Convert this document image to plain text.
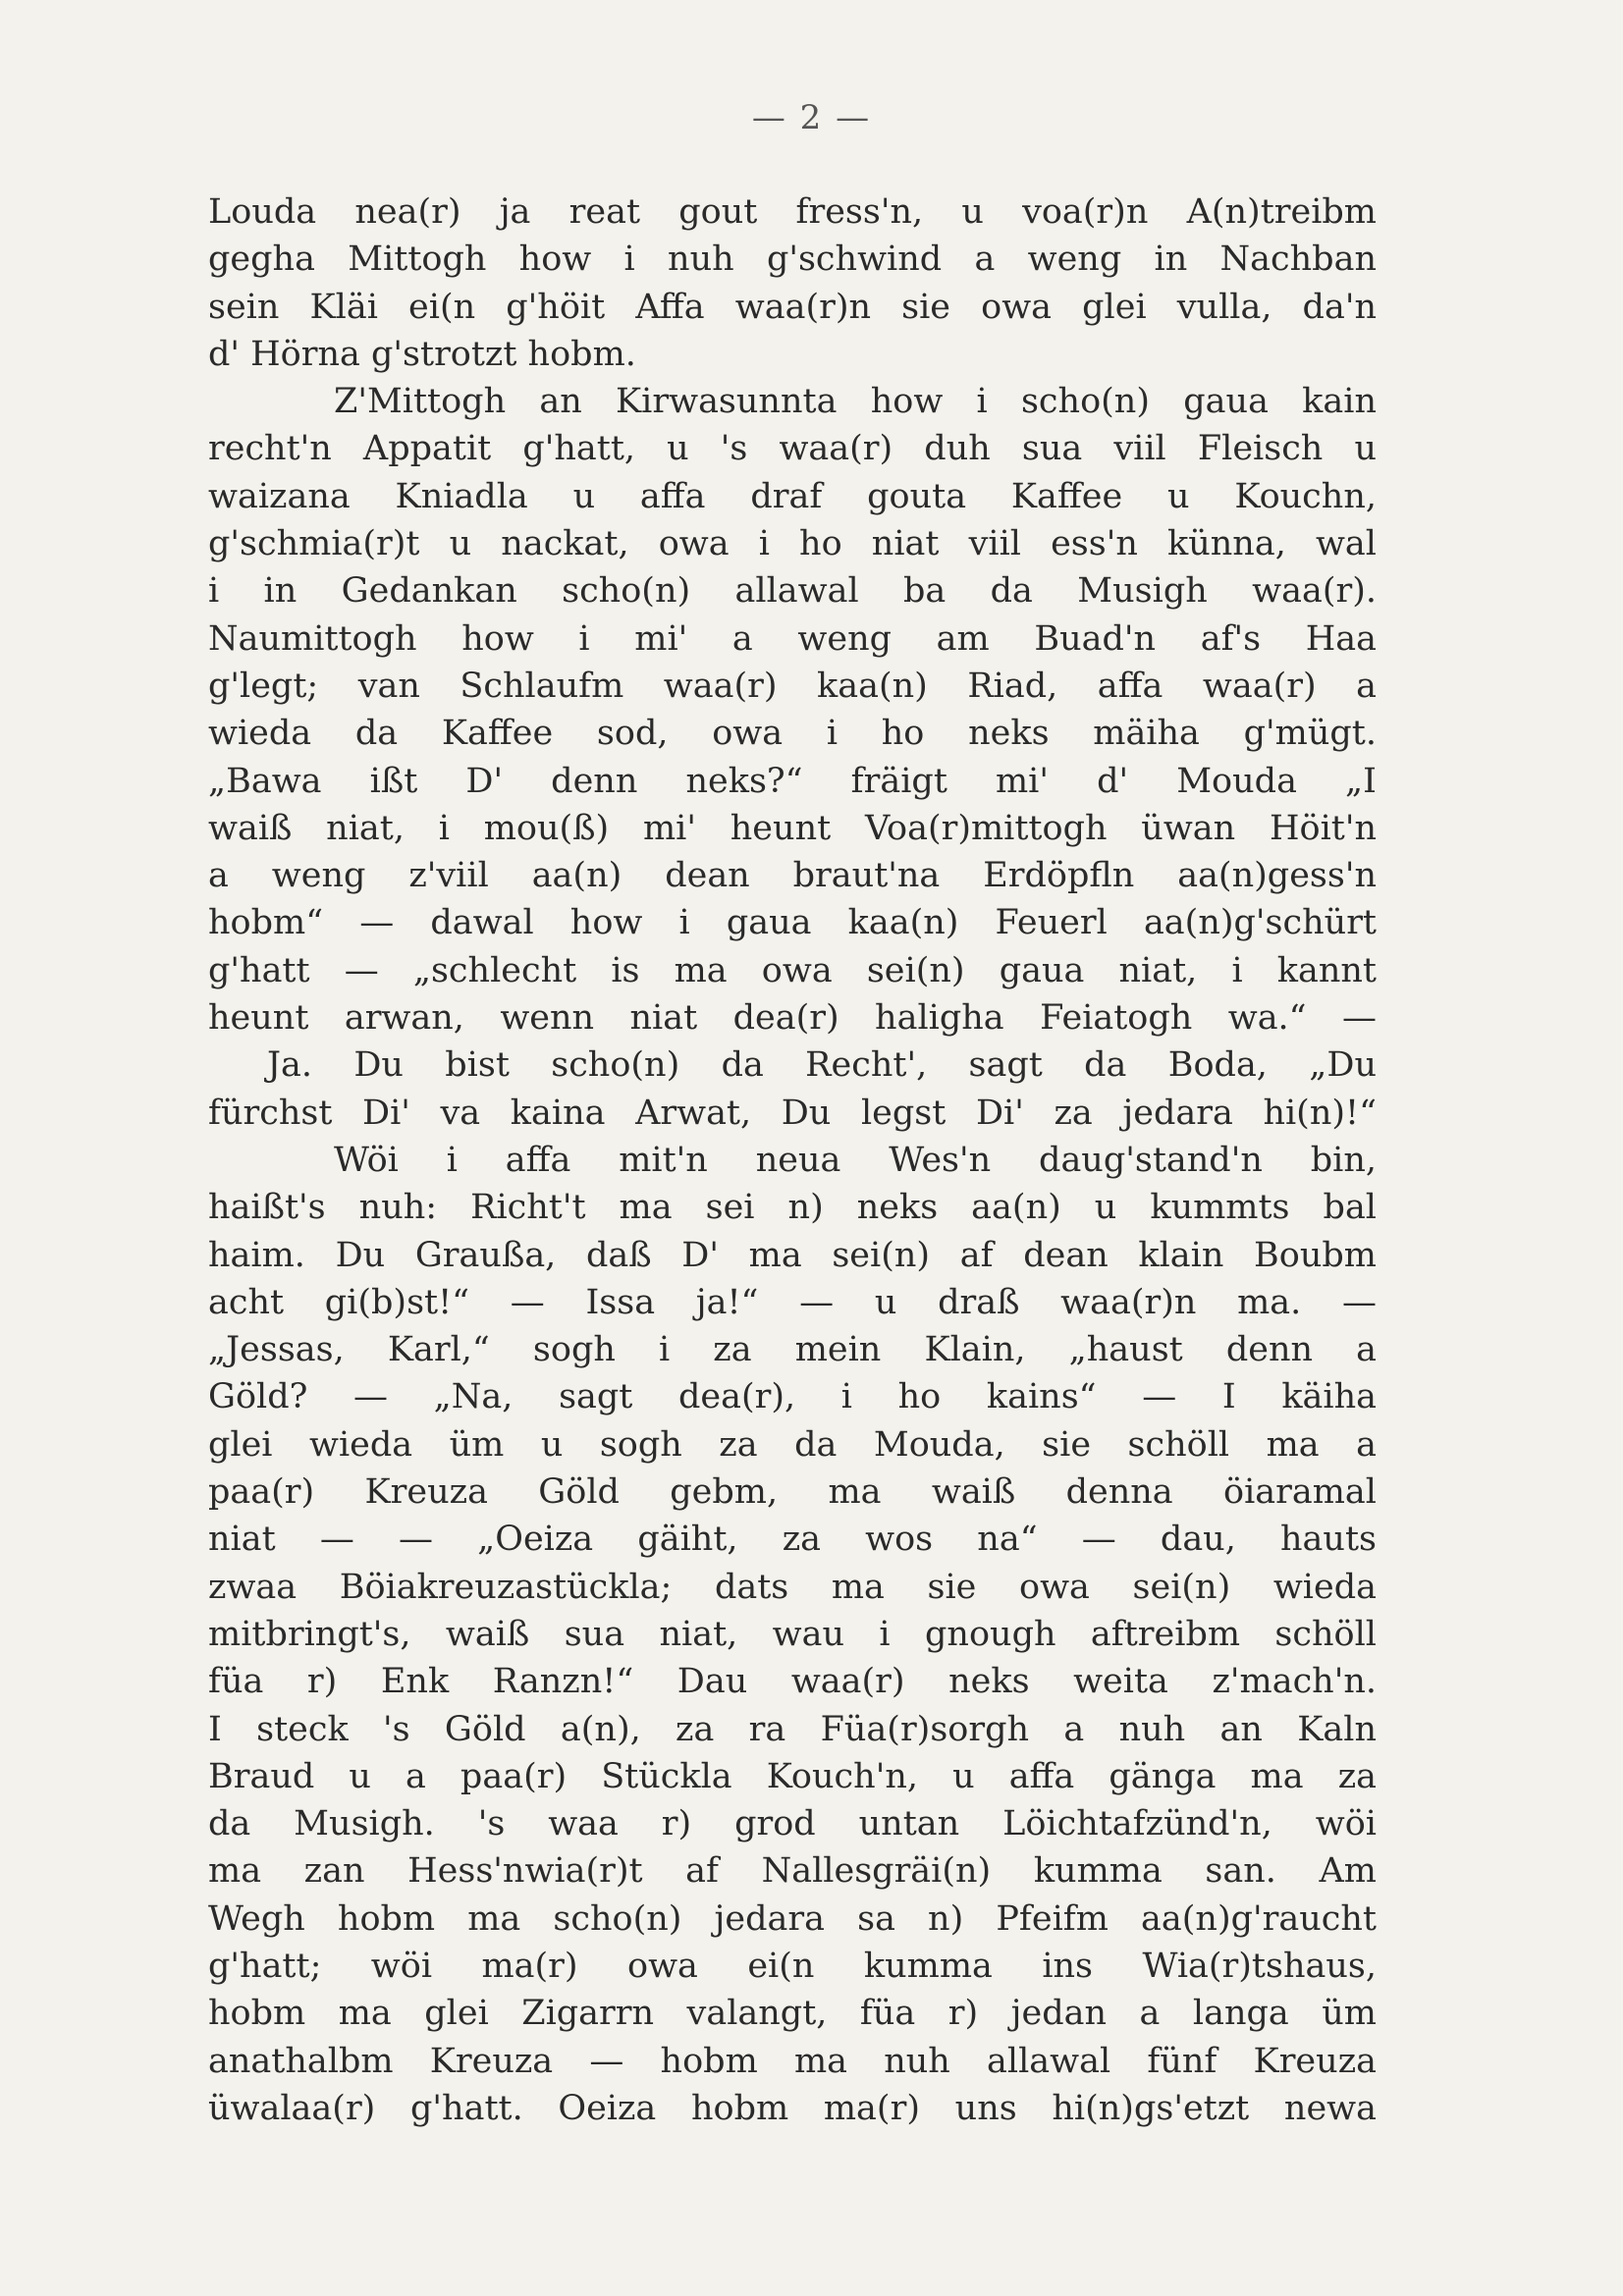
— 2 —
Louda nea(r) ja reat gout fress'n, u voa(r)n A(n)treibm
gegha Mittogh how i nuh g'schwind a weng in Nachban
sein Kläi ei(n g'höit Affa waa(r)n sie owa glei vulla, da'n
d' Hörna g'strotzt hobm.
Z'Mittogh an Kirwasunnta how i scho(n) gaua kain
recht'n Appatit g'hatt, u 's waa(r) duh sua viil Fleisch u
waizana Kniadla u affa draf gouta Kaffee u Kouchn,
g'schmia(r)t u nackat, owa i ho niat viil ess'n künna, wal
i in Gedankan scho(n) allawal ba da Musigh waa(r).
Naumittogh how i mi' a weng am Buad'n af's Haa
g'legt; van Schlaufm waa(r) kaa(n) Riad, affa waa(r) a
wieda da Kaffee sod, owa i ho neks mäiha g'mügt.
„Bawa ißt D' denn neks?“ fräigt mi' d' Mouda „I
waiß niat, i mou(ß) mi' heunt Voa(r)mittogh üwan Höit'n
a weng z'viil aa(n) dean braut'na Erdöpfln aa(n)gess'n
hobm“ — dawal how i gaua kaa(n) Feuerl aa(n)g'schürt
g'hatt — „schlecht is ma owa sei(n) gaua niat, i kannt
heunt arwan, wenn niat dea(r) haligha Feiatogh wa.“ —
Ja. Du bist scho(n) da Recht', sagt da Boda, „Du
fürchst Di' va kaina Arwat, Du legst Di' za jedara hi(n)!“
Wöi i affa mit'n neua Wes'n daug'stand'n bin,
haißt's nuh: Richt't ma sei n) neks aa(n) u kummts bal
haim. Du Graußa, daß D' ma sei(n) af dean klain Boubm
acht gi(b)st!“ — Issa ja!“ — u draß waa(r)n ma. —
„Jessas, Karl,“ sogh i za mein Klain, „haust denn a
Göld? — „Na, sagt dea(r), i ho kains“ — I käiha
glei wieda üm u sogh za da Mouda, sie schöll ma a
paa(r) Kreuza Göld gebm, ma waiß denna öiaramal
niat — — „Oeiza gäiht, za wos na“ — dau, hauts
zwaa Böiakreuzastückla; dats ma sie owa sei(n) wieda
mitbringt's, waiß sua niat, wau i gnough aftreibm schöll
füa r) Enk Ranzn!“ Dau waa(r) neks weita z'mach'n.
I steck 's Göld a(n), za ra Füa(r)sorgh a nuh an Kaln
Braud u a paa(r) Stückla Kouch'n, u affa gänga ma za
da Musigh. 's waa r) grod untan Löichtafzünd'n, wöi
ma zan Hess'nwia(r)t af Nallesgräi(n) kumma san. Am
Wegh hobm ma scho(n) jedara sa n) Pfeifm aa(n)g'raucht
g'hatt; wöi ma(r) owa ei(n kumma ins Wia(r)tshaus,
hobm ma glei Zigarrn valangt, füa r) jedan a langa üm
anathalbm Kreuza — hobm ma nuh allawal fünf Kreuza
üwalaa(r) g'hatt. Oeiza hobm ma(r) uns hi(n)gs'etzt newa
